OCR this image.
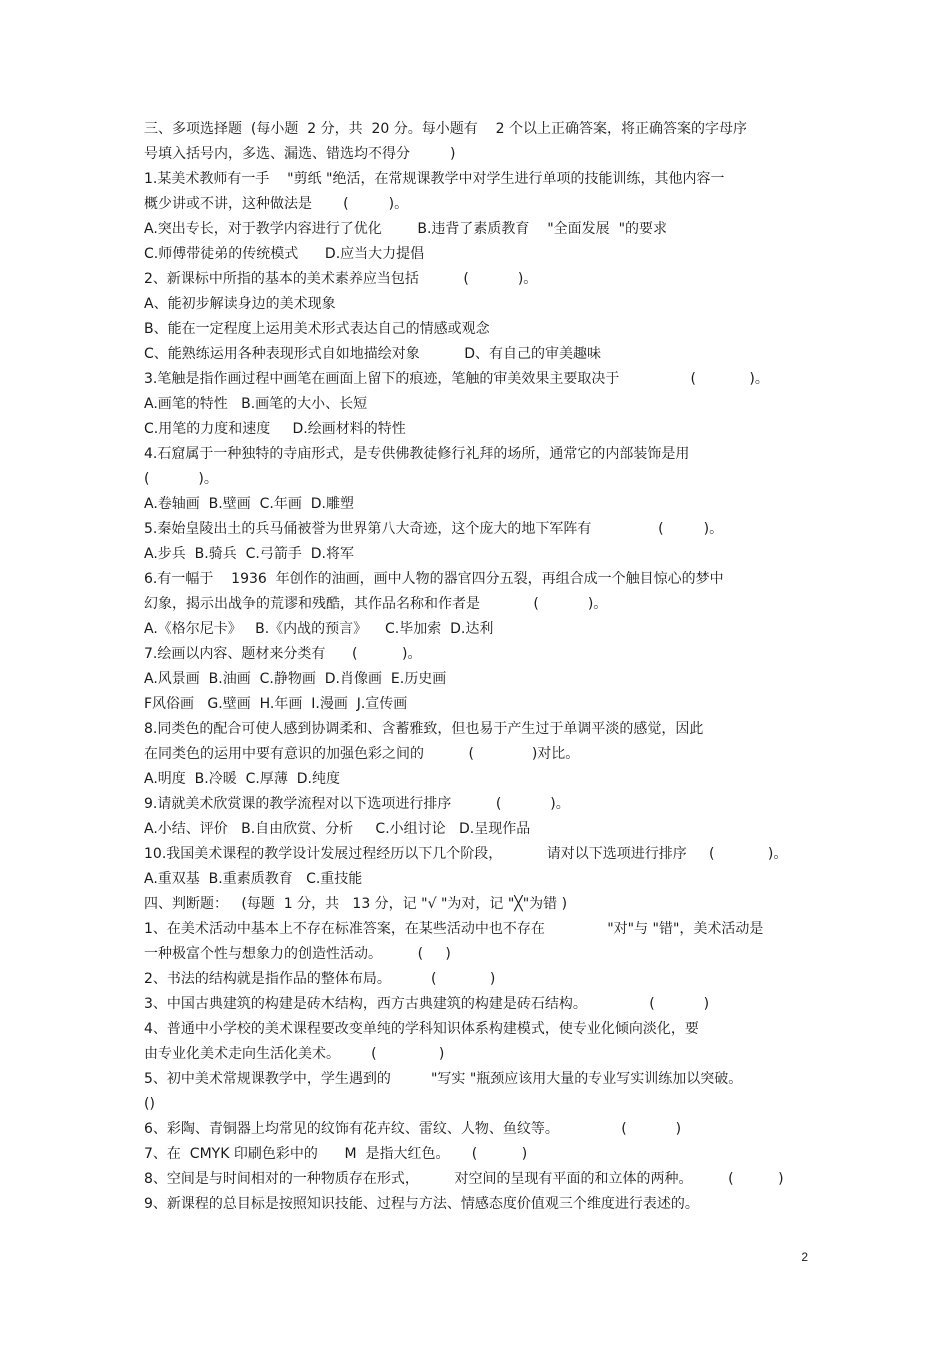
三、多项选择题  (每小题  2 分，共  20 分。每小题有    2 个以上正确答案，将正确答案的字母序
号填入括号内，多选、漏选、错选均不得分         )
1.某美术教师有一手    "剪纸 "绝活，在常规课教学中对学生进行单项的技能训练，其他内容一
概少讲或不讲，这种做法是       (         )。
A.突出专长，对于教学内容进行了优化        B.违背了素质教育    "全面发展  "的要求
C.师傅带徒弟的传统模式      D.应当大力提倡
2、新课标中所指的基本的美术素养应当包括          (           )。
A、能初步解读身边的美术现象
B、能在一定程度上运用美术形式表达自己的情感或观念
C、能熟练运用各种表现形式自如地描绘对象          D、有自己的审美趣味
3.笔触是指作画过程中画笔在画面上留下的痕迹，笔触的审美效果主要取决于                (            )。
A.画笔的特性   B.画笔的大小、长短
C.用笔的力度和速度     D.绘画材料的特性
4.石窟属于一种独特的寺庙形式，是专供佛教徒修行礼拜的场所，通常它的内部装饰是用
(           )。
A.卷轴画  B.壁画  C.年画  D.雕塑
5.秦始皇陵出土的兵马俑被誉为世界第八大奇迹，这个庞大的地下军阵有               (         )。
A.步兵  B.骑兵  C.弓箭手  D.将军
6.有一幅于    1936  年创作的油画，画中人物的器官四分五裂，再组合成一个触目惊心的梦中
幻象，揭示出战争的荒谬和残酷，其作品名称和作者是            (           )。
A.《格尔尼卡》   B.《内战的预言》    C.毕加索  D.达利
7.绘画以内容、题材来分类有      (          )。
A.风景画  B.油画  C.静物画  D.肖像画  E.历史画
F风俗画   G.壁画  H.年画  I.漫画  J.宣传画
8.同类色的配合可使人感到协调柔和、含蓄雅致，但也易于产生过于单调平淡的感觉，因此
在同类色的运用中要有意识的加强色彩之间的          (             )对比。
A.明度  B.冷暖  C.厚薄  D.纯度
9.请就美术欣赏课的教学流程对以下选项进行排序          (           )。
A.小结、评价   B.自由欣赏、分析     C.小组讨论   D.呈现作品
10.我国美术课程的教学设计发展过程经历以下几个阶段，          请对以下选项进行排序     (            )。
A.重双基  B.重素质教育   C.重技能
四、判断题：   (每题  1 分，共   13 分，记 "√ "为对，记 "╳"为错 )
1、在美术活动中基本上不存在标准答案，在某些活动中也不存在              "对"与 "错"，美术活动是
一种极富个性与想象力的创造性活动。        (     )
2、书法的结构就是指作品的整体布局。         (            )
3、中国古典建筑的构建是砖木结构，西方古典建筑的构建是砖石结构。              (           )
4、普通中小学校的美术课程要改变单纯的学科知识体系构建模式，使专业化倾向淡化，要
由专业化美术走向生活化美术。       (              )
5、初中美术常规课教学中，学生遇到的         "写实 "瓶颈应该用大量的专业写实训练加以突破。
()
6、彩陶、青铜器上均常见的纹饰有花卉纹、雷纹、人物、鱼纹等。              (           )
7、在  CMYK 印刷色彩中的      M  是指大红色。     (          )
8、空间是与时间相对的一种物质存在形式，        对空间的呈现有平面的和立体的两种。        (          )
9、新课程的总目标是按照知识技能、过程与方法、情感态度价值观三个维度进行表述的。
2
